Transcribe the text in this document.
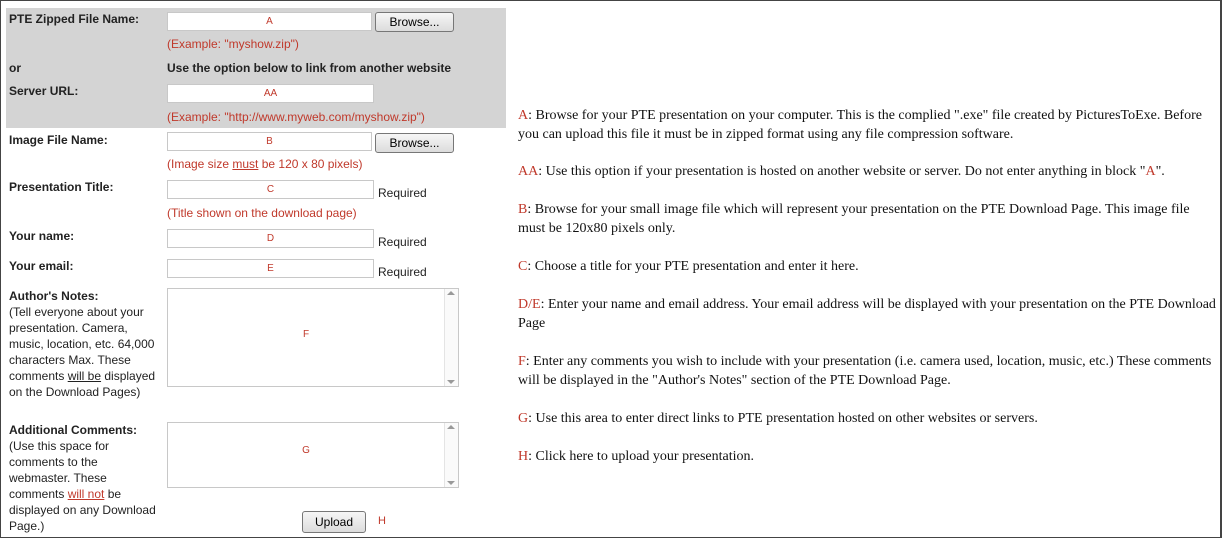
PTE Zipped File Name:	A	Browse...
(Example: "myshow.zip")
or	Use the option below to link from another website
Server URL:	AA
(Example: "http://www.myweb.com/myshow.zip")
Image File Name:	B	Browse...
(Image size must be 120 x 80 pixels)
Presentation Title:	C	Required
(Title shown on the download page)
Your name:	D	Required
Your email:	E	Required
Author's Notes:
(Tell everyone about your presentation. Camera, music, location, etc. 64,000 characters Max. These comments will be displayed on the Download Pages)
F
Additional Comments:
(Use this space for comments to the webmaster. These comments will not be displayed on any Download Page.)
G
Upload	H
A: Browse for your PTE presentation on your computer. This is the complied ".exe" file created by PicturesToExe. Before you can upload this file it must be in zipped format using any file compression software.
AA: Use this option if your presentation is hosted on another website or server. Do not enter anything in block "A".
B: Browse for your small image file which will represent your presentation on the PTE Download Page. This image file must be 120x80 pixels only.
C: Choose a title for your PTE presentation and enter it here.
D/E: Enter your name and email address. Your email address will be displayed with your presentation on the PTE Download Page
F: Enter any comments you wish to include with your presentation (i.e. camera used, location, music, etc.) These comments will be displayed in the "Author's Notes" section of the PTE Download Page.
G: Use this area to enter direct links to PTE presentation hosted on other websites or servers.
H: Click here to upload your presentation.
